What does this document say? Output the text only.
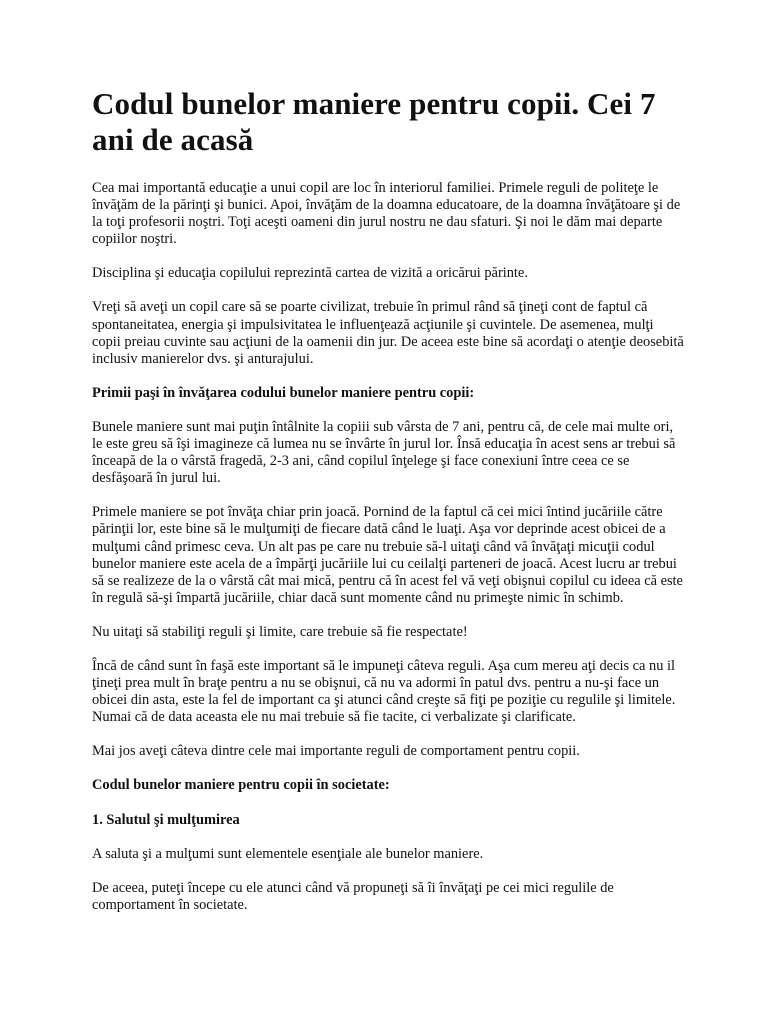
Codul bunelor maniere pentru copii. Cei 7 ani de acasă

Cea mai importantă educaţie a unui copil are loc în interiorul familiei. Primele reguli de politeţe le învăţăm de la părinţi şi bunici. Apoi, învăţăm de la doamna educatoare, de la doamna învăţătoare şi de la toţi profesorii noştri. Toţi aceşti oameni din jurul nostru ne dau sfaturi. Şi noi le dăm mai departe copiilor noştri.

Disciplina şi educaţia copilului reprezintă cartea de vizită a oricărui părinte.

Vreţi să aveţi un copil care să se poarte civilizat, trebuie în primul rând să ţineţi cont de faptul că spontaneitatea, energia şi impulsivitatea le influenţează acţiunile şi cuvintele. De asemenea, mulţi copii preiau cuvinte sau acţiuni de la oamenii din jur. De aceea este bine să acordaţi o atenţie deosebită inclusiv manierelor dvs. şi anturajului.

Primii paşi în învăţarea codului bunelor maniere pentru copii:

Bunele maniere sunt mai puţin întâlnite la copiii sub vârsta de 7 ani, pentru că, de cele mai multe ori, le este greu să îşi imagineze că lumea nu se învârte în jurul lor. Însă educaţia în acest sens ar trebui să înceapă de la o vârstă fragedă, 2-3 ani, când copilul înţelege şi face conexiuni între ceea ce se desfăşoară în jurul lui.

Primele maniere se pot învăţa chiar prin joacă. Pornind de la faptul că cei mici întind jucăriile către părinţii lor, este bine să le mulţumiţi de fiecare dată când le luaţi. Aşa vor deprinde acest obicei de a mulţumi când primesc ceva. Un alt pas pe care nu trebuie să-l uitaţi când vă învăţaţi micuţii codul bunelor maniere este acela de a împărţi jucăriile lui cu ceilalţi parteneri de joacă. Acest lucru ar trebui să se realizeze de la o vârstă cât mai mică, pentru că în acest fel vă veţi obişnui copilul cu ideea că este în regulă să-şi împartă jucăriile, chiar dacă sunt momente când nu primeşte nimic în schimb.

Nu uitaţi să stabiliţi reguli şi limite, care trebuie să fie respectate!

Încă de când sunt în faşă este important să le impuneţi câteva reguli. Aşa cum mereu aţi decis ca nu il ţineţi prea mult în braţe pentru a nu se obişnui, că nu va adormi în patul dvs. pentru a nu-şi face un obicei din asta, este la fel de important ca şi atunci când creşte să fiţi pe poziţie cu regulile şi limitele. Numai că de data aceasta ele nu mai trebuie să fie tacite, ci verbalizate şi clarificate.

Mai jos aveţi câteva dintre cele mai importante reguli de comportament pentru copii.

Codul bunelor maniere pentru copii în societate:

1. Salutul şi mulţumirea

A saluta şi a mulţumi sunt elementele esenţiale ale bunelor maniere.

De aceea, puteţi începe cu ele atunci când vă propuneţi să îi învăţaţi pe cei mici regulile de comportament în societate.
